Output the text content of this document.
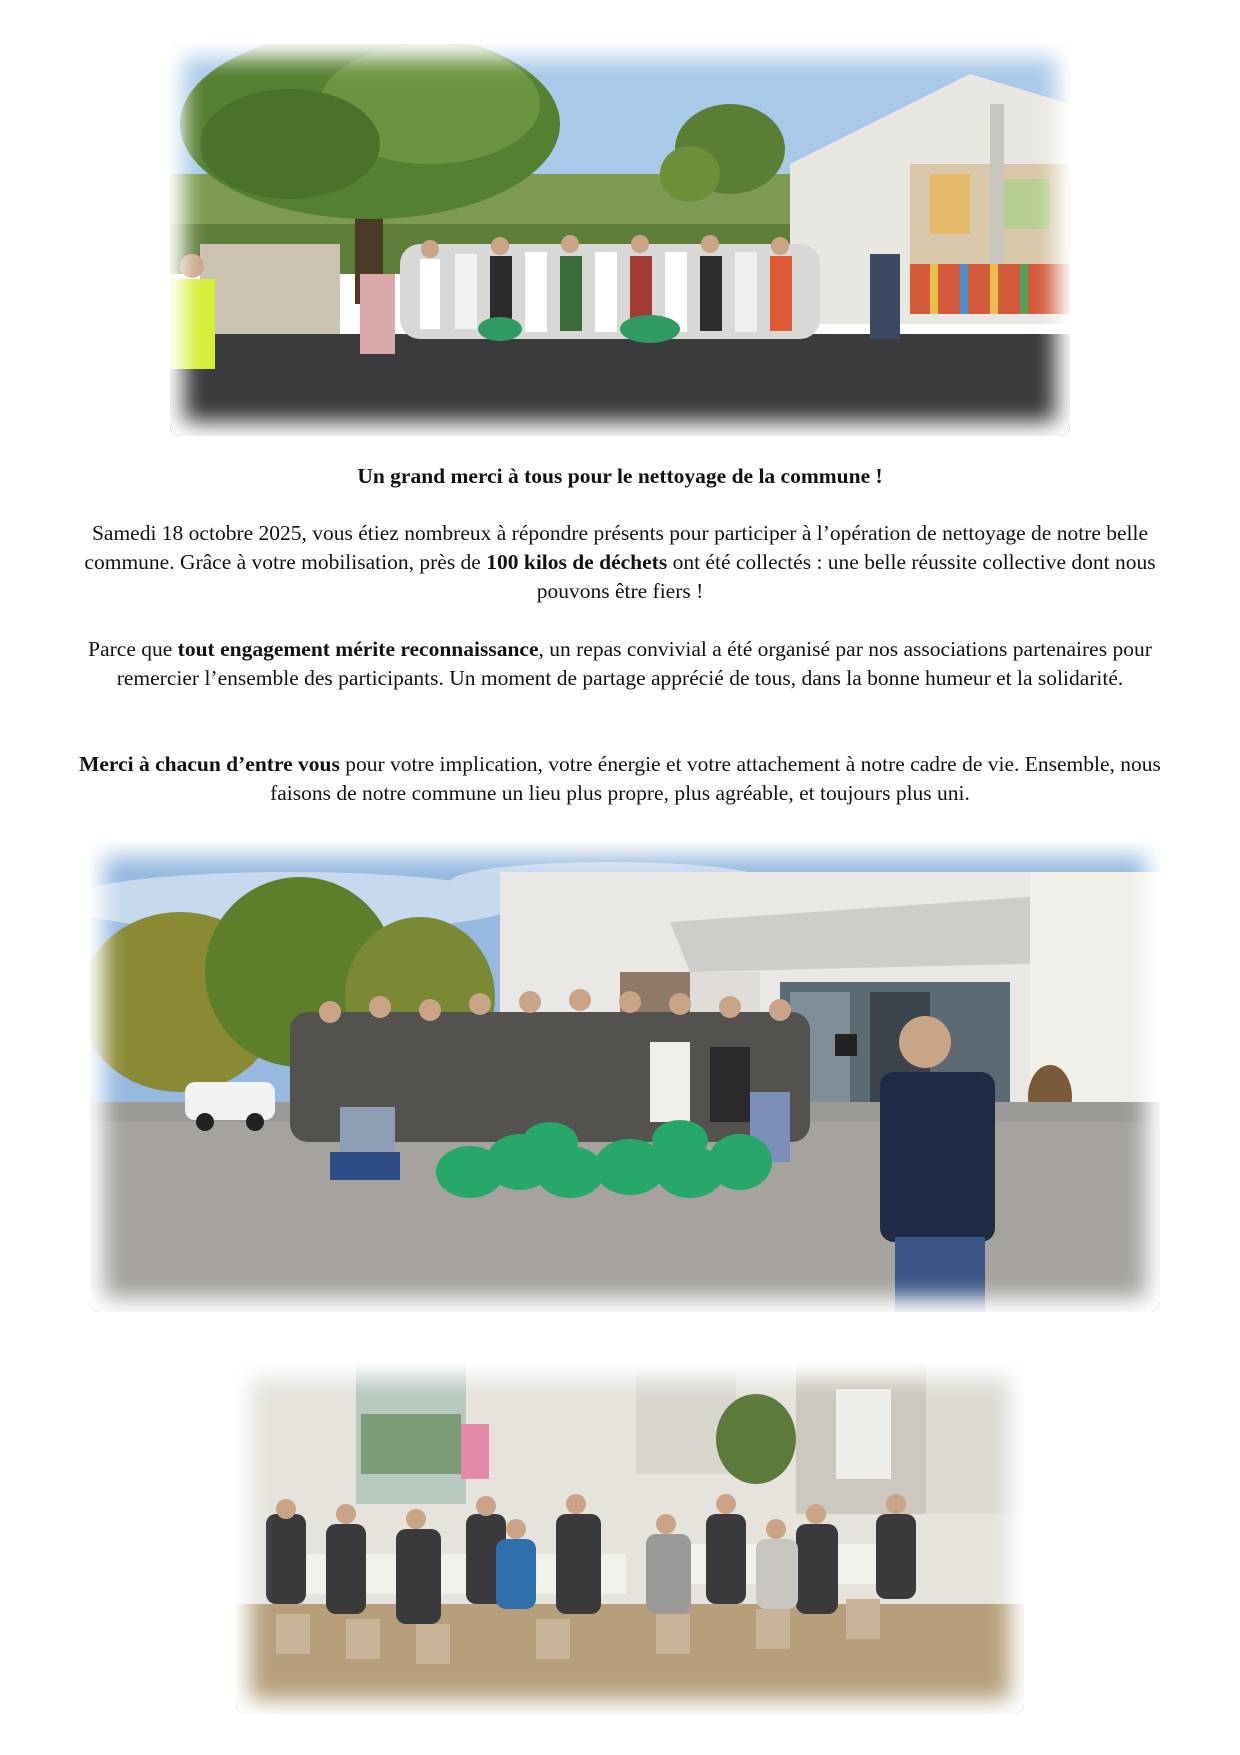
Un grand merci à tous pour le nettoyage de la commune !

Samedi 18 octobre 2025, vous étiez nombreux à répondre présents pour participer à l’opération de nettoyage de notre belle commune. Grâce à votre mobilisation, près de 100 kilos de déchets ont été collectés : une belle réussite collective dont nous pouvons être fiers !

Parce que tout engagement mérite reconnaissance, un repas convivial a été organisé par nos associations partenaires pour remercier l’ensemble des participants. Un moment de partage apprécié de tous, dans la bonne humeur et la solidarité.

Merci à chacun d’entre vous pour votre implication, votre énergie et votre attachement à notre cadre de vie. Ensemble, nous faisons de notre commune un lieu plus propre, plus agréable, et toujours plus uni.
